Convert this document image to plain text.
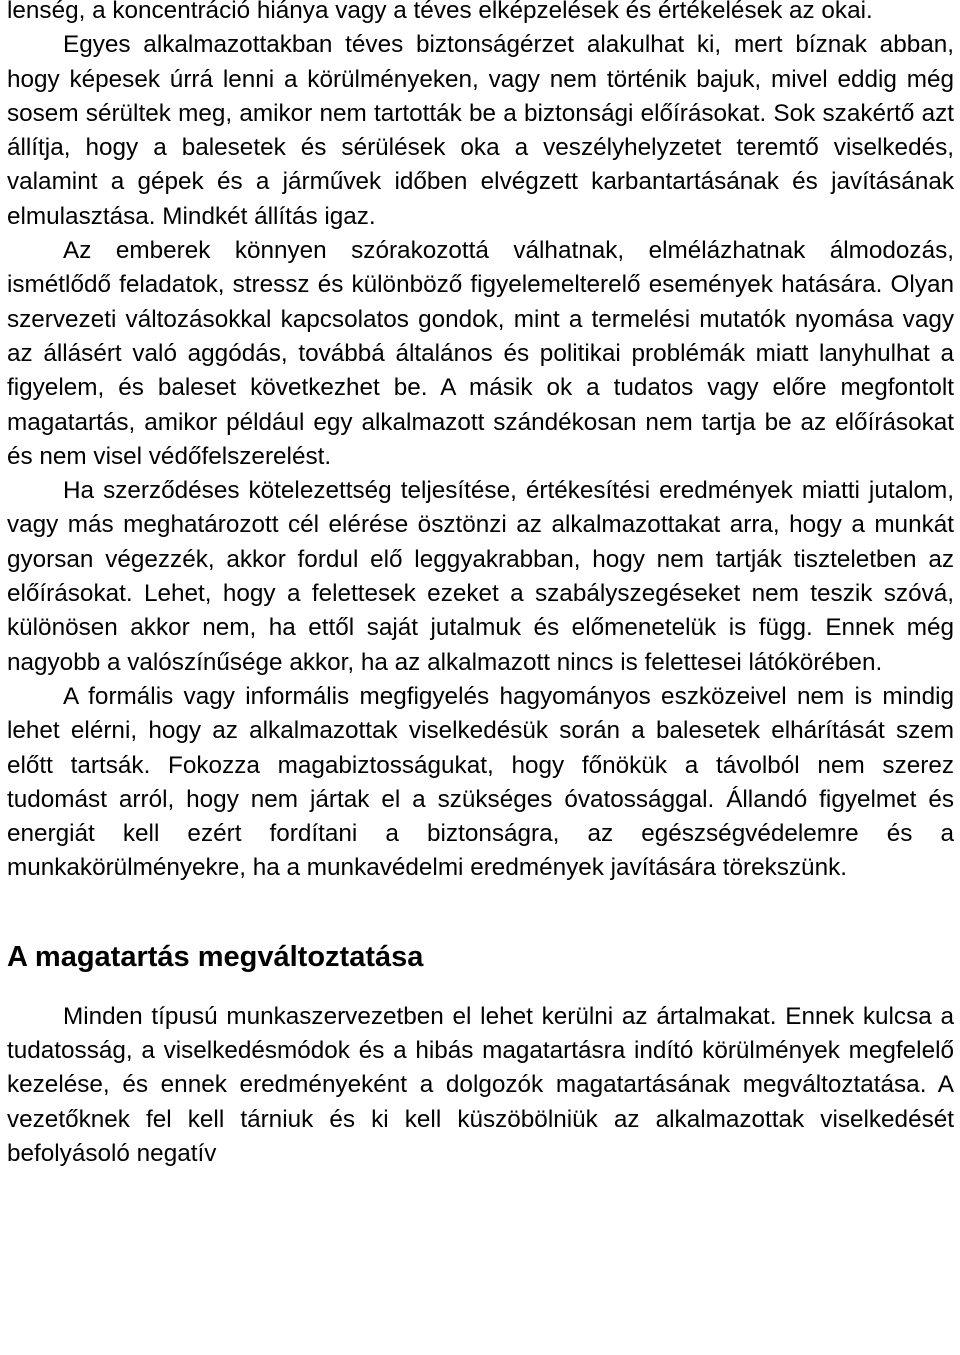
lenség, a koncentráció hiánya vagy a téves elképzelések és értékelések az okai.

Egyes alkalmazottakban téves biztonságérzet alakulhat ki, mert bíznak abban, hogy képesek úrrá lenni a körülményeken, vagy nem történik bajuk, mivel eddig még sosem sérültek meg, amikor nem tartották be a biztonsági előírásokat. Sok szakértő azt állítja, hogy a balesetek és sérülések oka a veszélyhelyzetet teremtő viselkedés, valamint a gépek és a járművek időben elvégzett karbantartásának és javításának elmulasztása. Mindkét állítás igaz.

Az emberek könnyen szórakozottá válhatnak, elmélázhatnak álmodozás, ismétlődő feladatok, stressz és különböző figyelemelterelő események hatására. Olyan szervezeti változásokkal kapcsolatos gondok, mint a termelési mutatók nyomása vagy az állásért való aggódás, továbbá általános és politikai problémák miatt lanyhulhat a figyelem, és baleset következhet be. A másik ok a tudatos vagy előre megfontolt magatartás, amikor például egy alkalmazott szándékosan nem tartja be az előírásokat és nem visel védőfelszerelést.

Ha szerződéses kötelezettség teljesítése, értékesítési eredmények miatti jutalom, vagy más meghatározott cél elérése ösztönzi az alkalmazottakat arra, hogy a munkát gyorsan végezzék, akkor fordul elő leggyakrabban, hogy nem tartják tiszteletben az előírásokat. Lehet, hogy a felettesek ezeket a szabályszegéseket nem teszik szóvá, különösen akkor nem, ha ettől saját jutalmuk és előmenetelük is függ. Ennek még nagyobb a valószínűsége akkor, ha az alkalmazott nincs is felettesei látókörében.

A formális vagy informális megfigyelés hagyományos eszközeivel nem is mindig lehet elérni, hogy az alkalmazottak viselkedésük során a balesetek elhárítását szem előtt tartsák. Fokozza magabiztosságukat, hogy főnökük a távolból nem szerez tudomást arról, hogy nem jártak el a szükséges óvatossággal. Állandó figyelmet és energiát kell ezért fordítani a biztonságra, az egészségvédelemre és a munkakörülményekre, ha a munkavédelmi eredmények javítására törekszünk.

A magatartás megváltoztatása

Minden típusú munkaszervezetben el lehet kerülni az ártalmakat. Ennek kulcsa a tudatosság, a viselkedésmódok és a hibás magatartásra indító körülmények megfelelő kezelése, és ennek eredményeként a dolgozók magatartásának megváltoztatása. A vezetőknek fel kell tárniuk és ki kell küszöbölniük az alkalmazottak viselkedését befolyásoló negatív
